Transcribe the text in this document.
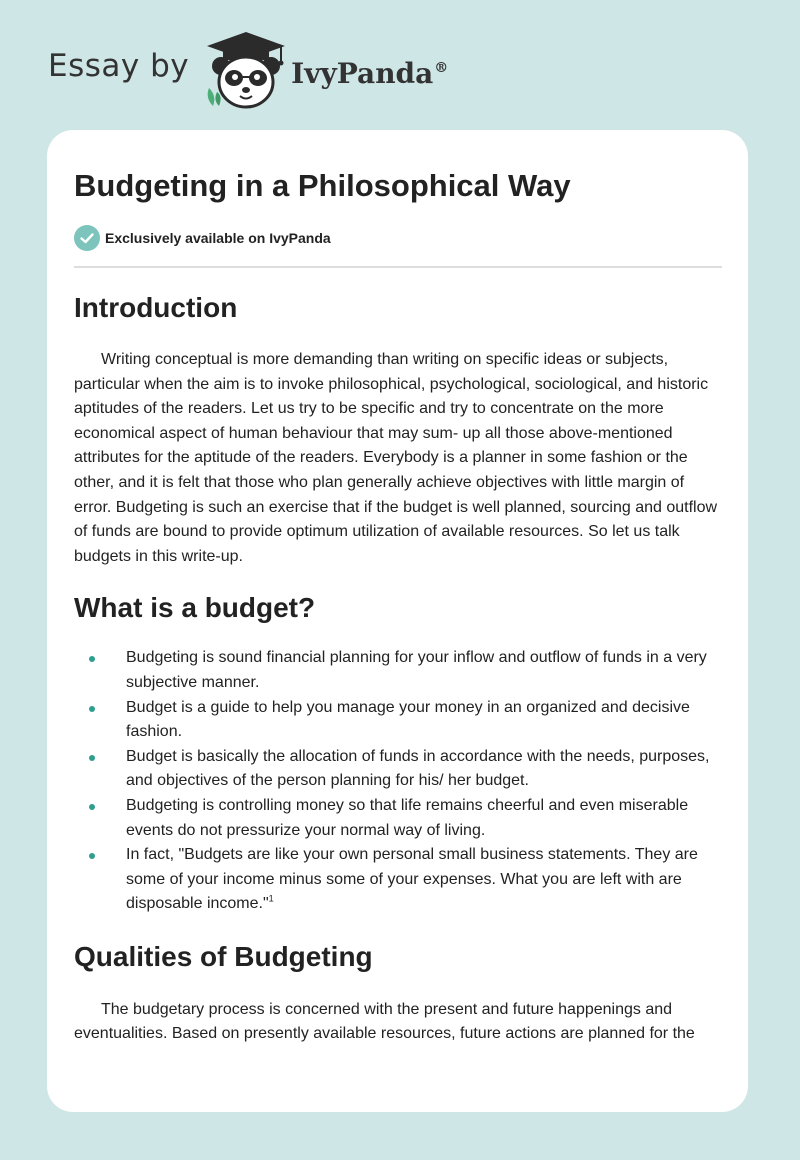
Essay by	IvyPanda®
Budgeting in a Philosophical Way
Exclusively available on IvyPanda
Introduction

Writing conceptual is more demanding than writing on specific ideas or subjects, particular when the aim is to invoke philosophical, psychological, sociological, and historic aptitudes of the readers. Let us try to be specific and try to concentrate on the more economical aspect of human behaviour that may sum- up all those above-mentioned attributes for the aptitude of the readers. Everybody is a planner in some fashion or the other, and it is felt that those who plan generally achieve objectives with little margin of error. Budgeting is such an exercise that if the budget is well planned, sourcing and outflow of funds are bound to provide optimum utilization of available resources. So let us talk budgets in this write-up.

What is a budget?
Budgeting is sound financial planning for your inflow and outflow of funds in a very subjective manner.
Budget is a guide to help you manage your money in an organized and decisive fashion.
Budget is basically the allocation of funds in accordance with the needs, purposes, and objectives of the person planning for his/ her budget.
Budgeting is controlling money so that life remains cheerful and even miserable events do not pressurize your normal way of living.
In fact, "Budgets are like your own personal small business statements. They are some of your income minus some of your expenses. What you are left with are disposable income."$^1$
Qualities of Budgeting

The budgetary process is concerned with the present and future happenings and eventualities. Based on presently available resources, future actions are planned for the
